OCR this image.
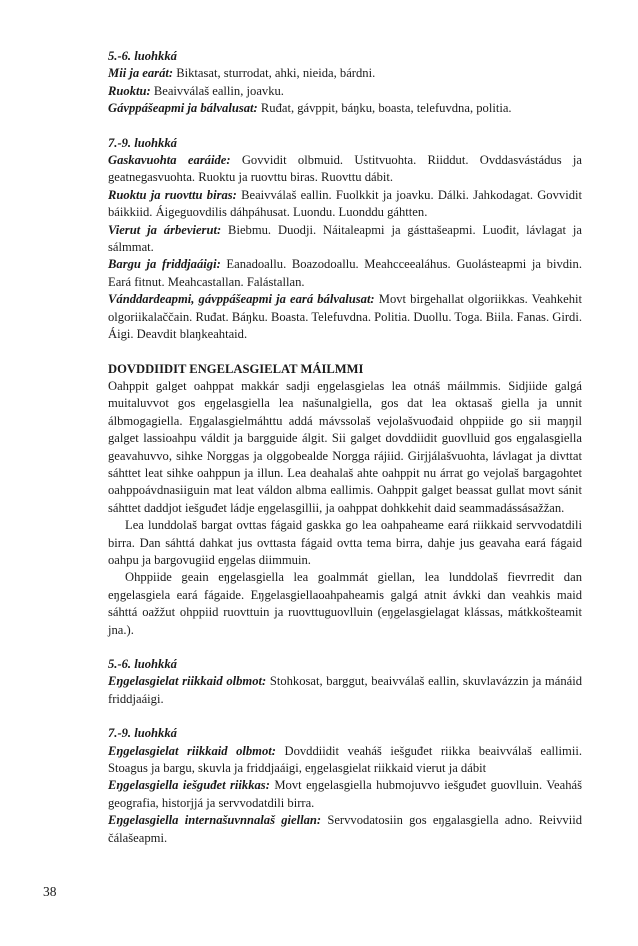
5.-6. luohkká

Mii ja earát: Biktasat, sturrodat, ahki, nieida, bárdni.

Ruoktu: Beaivválaš eallin, joavku.

Gávppášeapmi ja bálvalusat: Ruđat, gávppit, báŋku, boasta, telefuvdna, politia.

7.-9. luohkká

Gaskavuohta earáide: Govvidit olbmuid. Ustitvuohta. Riiddut. Ovddasvástádus ja geatnegasvuohta. Ruoktu ja ruovttu biras. Ruovttu dábit.

Ruoktu ja ruovttu biras: Beaivválaš eallin. Fuolkkit ja joavku. Dálki. Jahkodagat. Govvidit báikkiid. Áigeguovdilis dáhpáhusat. Luondu. Luonddu gáhtten.

Vierut ja árbevierut: Biebmu. Duodji. Náitaleapmi ja gásttašeapmi. Luođit, lávlagat ja sálmmat.

Bargu ja friddjaáigi: Eanadoallu. Boazodoallu. Meahcceealáhus. Guolásteapmi ja bivdin. Eará fitnut. Meahcastallan. Falástallan.

Vánddardeapmi, gávppášeapmi ja eará bálvalusat: Movt birgehallat olgoriikkas. Veahkehit olgoriikalaččain. Ruđat. Báŋku. Boasta. Telefuvdna. Politia. Duollu. Toga. Biila. Fanas. Girdi. Áigi. Deavdit blaŋkeahtaid.

DOVDDIIDIT ENGELASGIELAT MÁILMMI

Oahppit galget oahppat makkár sadji eŋgelasgielas lea otnáš máilmmis. Sidjiide galgá muitaluvvot gos eŋgelasgiella lea našunalgiella, gos dat lea oktasaš giella ja unnit álbmogagiella. Eŋgalasgielmáhttu addá mávssolaš vejolašvuođaid ohppiide go sii maŋŋil galget lassioahpu váldit ja bargguide álgit. Sii galget dovddiidit guovlluid gos eŋgalasgiella geavahuvvo, sihke Norggas ja olggobealde Norgga rájiid. Girjjálašvuohta, lávlagat ja divttat sáhttet leat sihke oahppun ja illun. Lea deahalaš ahte oahppit nu árrat go vejolaš bargagohtet oahppoávdnasiiguin mat leat váldon albma eallimis. Oahppit galget beassat gullat movt sánit sáhttet daddjot iešguđet ládje eŋgelasgillii, ja oahppat dohkkehit daid seammadássásažžan.

Lea lunddolaš bargat ovttas fágaid gaskka go lea oahpaheame eará riikkaid servvodatdili birra. Dan sáhttá dahkat jus ovttasta fágaid ovtta tema birra, dahje jus geavaha eará fágaid oahpu ja bargovugiid eŋgelas diimmuin.

Ohppiide geain eŋgelasgiella lea goalmmát giellan, lea lunddolaš fievrredit dan eŋgelasgiela eará fágaide. Eŋgelasgiellaoahpaheamis galgá atnit ávkki dan veahkis maid sáhttá oažžut ohppiid ruovttuin ja ruovttuguovlluin (eŋgelasgielagat klássas, mátkkošteamit jna.).

5.-6. luohkká

Eŋgelasgielat riikkaid olbmot: Stohkosat, barggut, beaivválaš eallin, skuvlavázzin ja mánáid friddjaáigi.

7.-9. luohkká

Eŋgelasgielat riikkaid olbmot: Dovddiidit veaháš iešguđet riikka beaivválaš eallimii. Stoagus ja bargu, skuvla ja friddjaáigi, eŋgelasgielat riikkaid vierut ja dábit

Eŋgelasgiella iešguđet riikkas: Movt eŋgelasgiella hubmojuvvo iešguđet guovlluin. Veaháš geografia, historjjá ja servvodatdili birra.

Eŋgelasgiella internašuvnnalaš giellan: Servvodatosiin gos eŋgalasgiella adno. Reivviid čálašeapmi.

38
